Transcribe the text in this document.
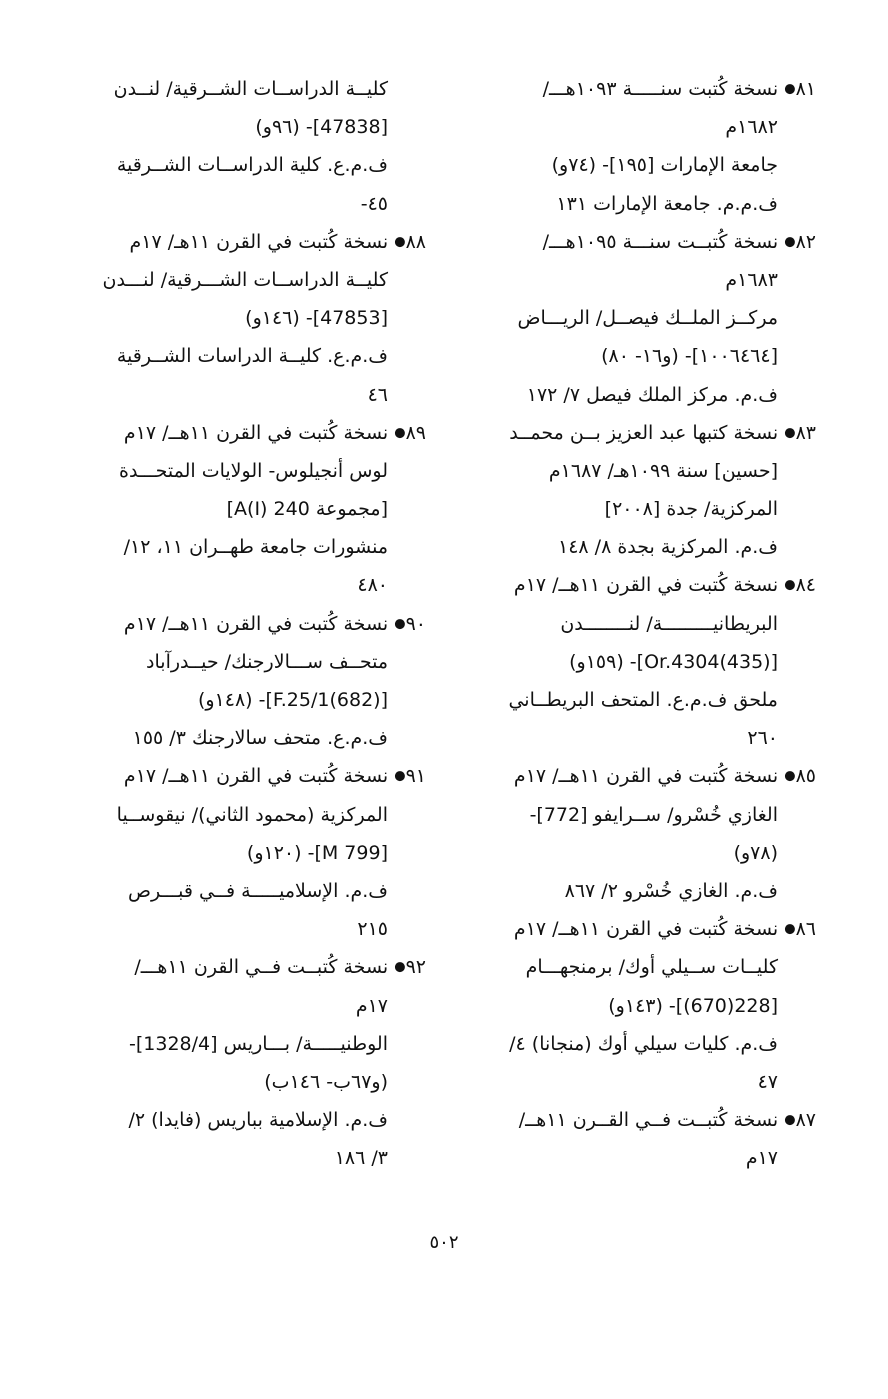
٨١● نسخة كُتبت سنـــــة ١٠٩٣هـــ/
١٦٨٢م
جامعة الإمارات [١٩٥]- (٧٤و)
ف.م.م. جامعة الإمارات ١٣١
٨٢● نسخة كُتبــت سنـــة ١٠٩٥هـــ/
١٦٨٣م
مركــز الملــك فيصــل/ الريـــاض
[١٠٠٦٤٦٤]- (و١٦- ٨٠)
ف.م. مركز الملك فيصل ٧/ ١٧٢
٨٣● نسخة كتبها عبد العزيز بــن محمــد
[حسين] سنة ١٠٩٩هـ/ ١٦٨٧م
المركزية/ جدة [٢٠٠٨]
ف.م. المركزية بجدة ٨/ ١٤٨
٨٤● نسخة كُتبت في القرن ١١هــ/ ١٧م
البريطانيـــــــــة/ لنــــــــدن
[Or.4304(435)]- (١٥٩و)
ملحق ف.م.ع. المتحف البريطــاني
٢٦٠
٨٥● نسخة كُتبت في القرن ١١هــ/ ١٧م
الغازي خُسْرو/ ســرايفو [772]-
(٧٨و)
ف.م. الغازي خُسْرو ٢/ ٨٦٧
٨٦● نسخة كُتبت في القرن ١١هــ/ ١٧م
كليــات ســيلي أوك/ برمنجهـــام
[228(670)]- (١٤٣و)
ف.م. كليات سيلي أوك (منجانا) ٤/
٤٧
٨٧● نسخة كُتبــت فــي القــرن ١١هــ/
١٧م
كليــة الدراســات الشــرقية/ لنــدن
[47838]- (٩٦و)
ف.م.ع. كلية الدراســات الشــرقية
٤٥-
٨٨● نسخة كُتبت في القرن ١١هـ/ ١٧م
كليــة الدراســات الشـــرقية/ لنـــدن
[47853]- (١٤٦و)
ف.م.ع. كليــة الدراسات الشــرقية
٤٦
٨٩● نسخة كُتبت في القرن ١١هــ/ ١٧م
لوس أنجيلوس- الولايات المتحـــدة
[مجموعة 240 A(I)]
منشورات جامعة طهــران ١١، ١٢/
٤٨٠
٩٠● نسخة كُتبت في القرن ١١هــ/ ١٧م
متحــف ســـالارجنك/ حيــدرآباد
[F.25/1(682)]- (١٤٨و)
ف.م.ع. متحف سالارجنك ٣/ ١٥٥
٩١● نسخة كُتبت في القرن ١١هــ/ ١٧م
المركزية (محمود الثاني)/ نيقوســيا
[M 799]- (١٢٠و)
ف.م. الإسلاميـــــة فــي قبـــرص
٢١٥
٩٢● نسخة كُتبــت فــي القرن ١١هـــ/
١٧م
الوطنيـــــة/ بـــاريس [1328/4]-
(و٦٧ب- ١٤٦ب)
ف.م. الإسلامية بباريس (فايدا) ٢/
٣/ ١٨٦
٥٠٢
